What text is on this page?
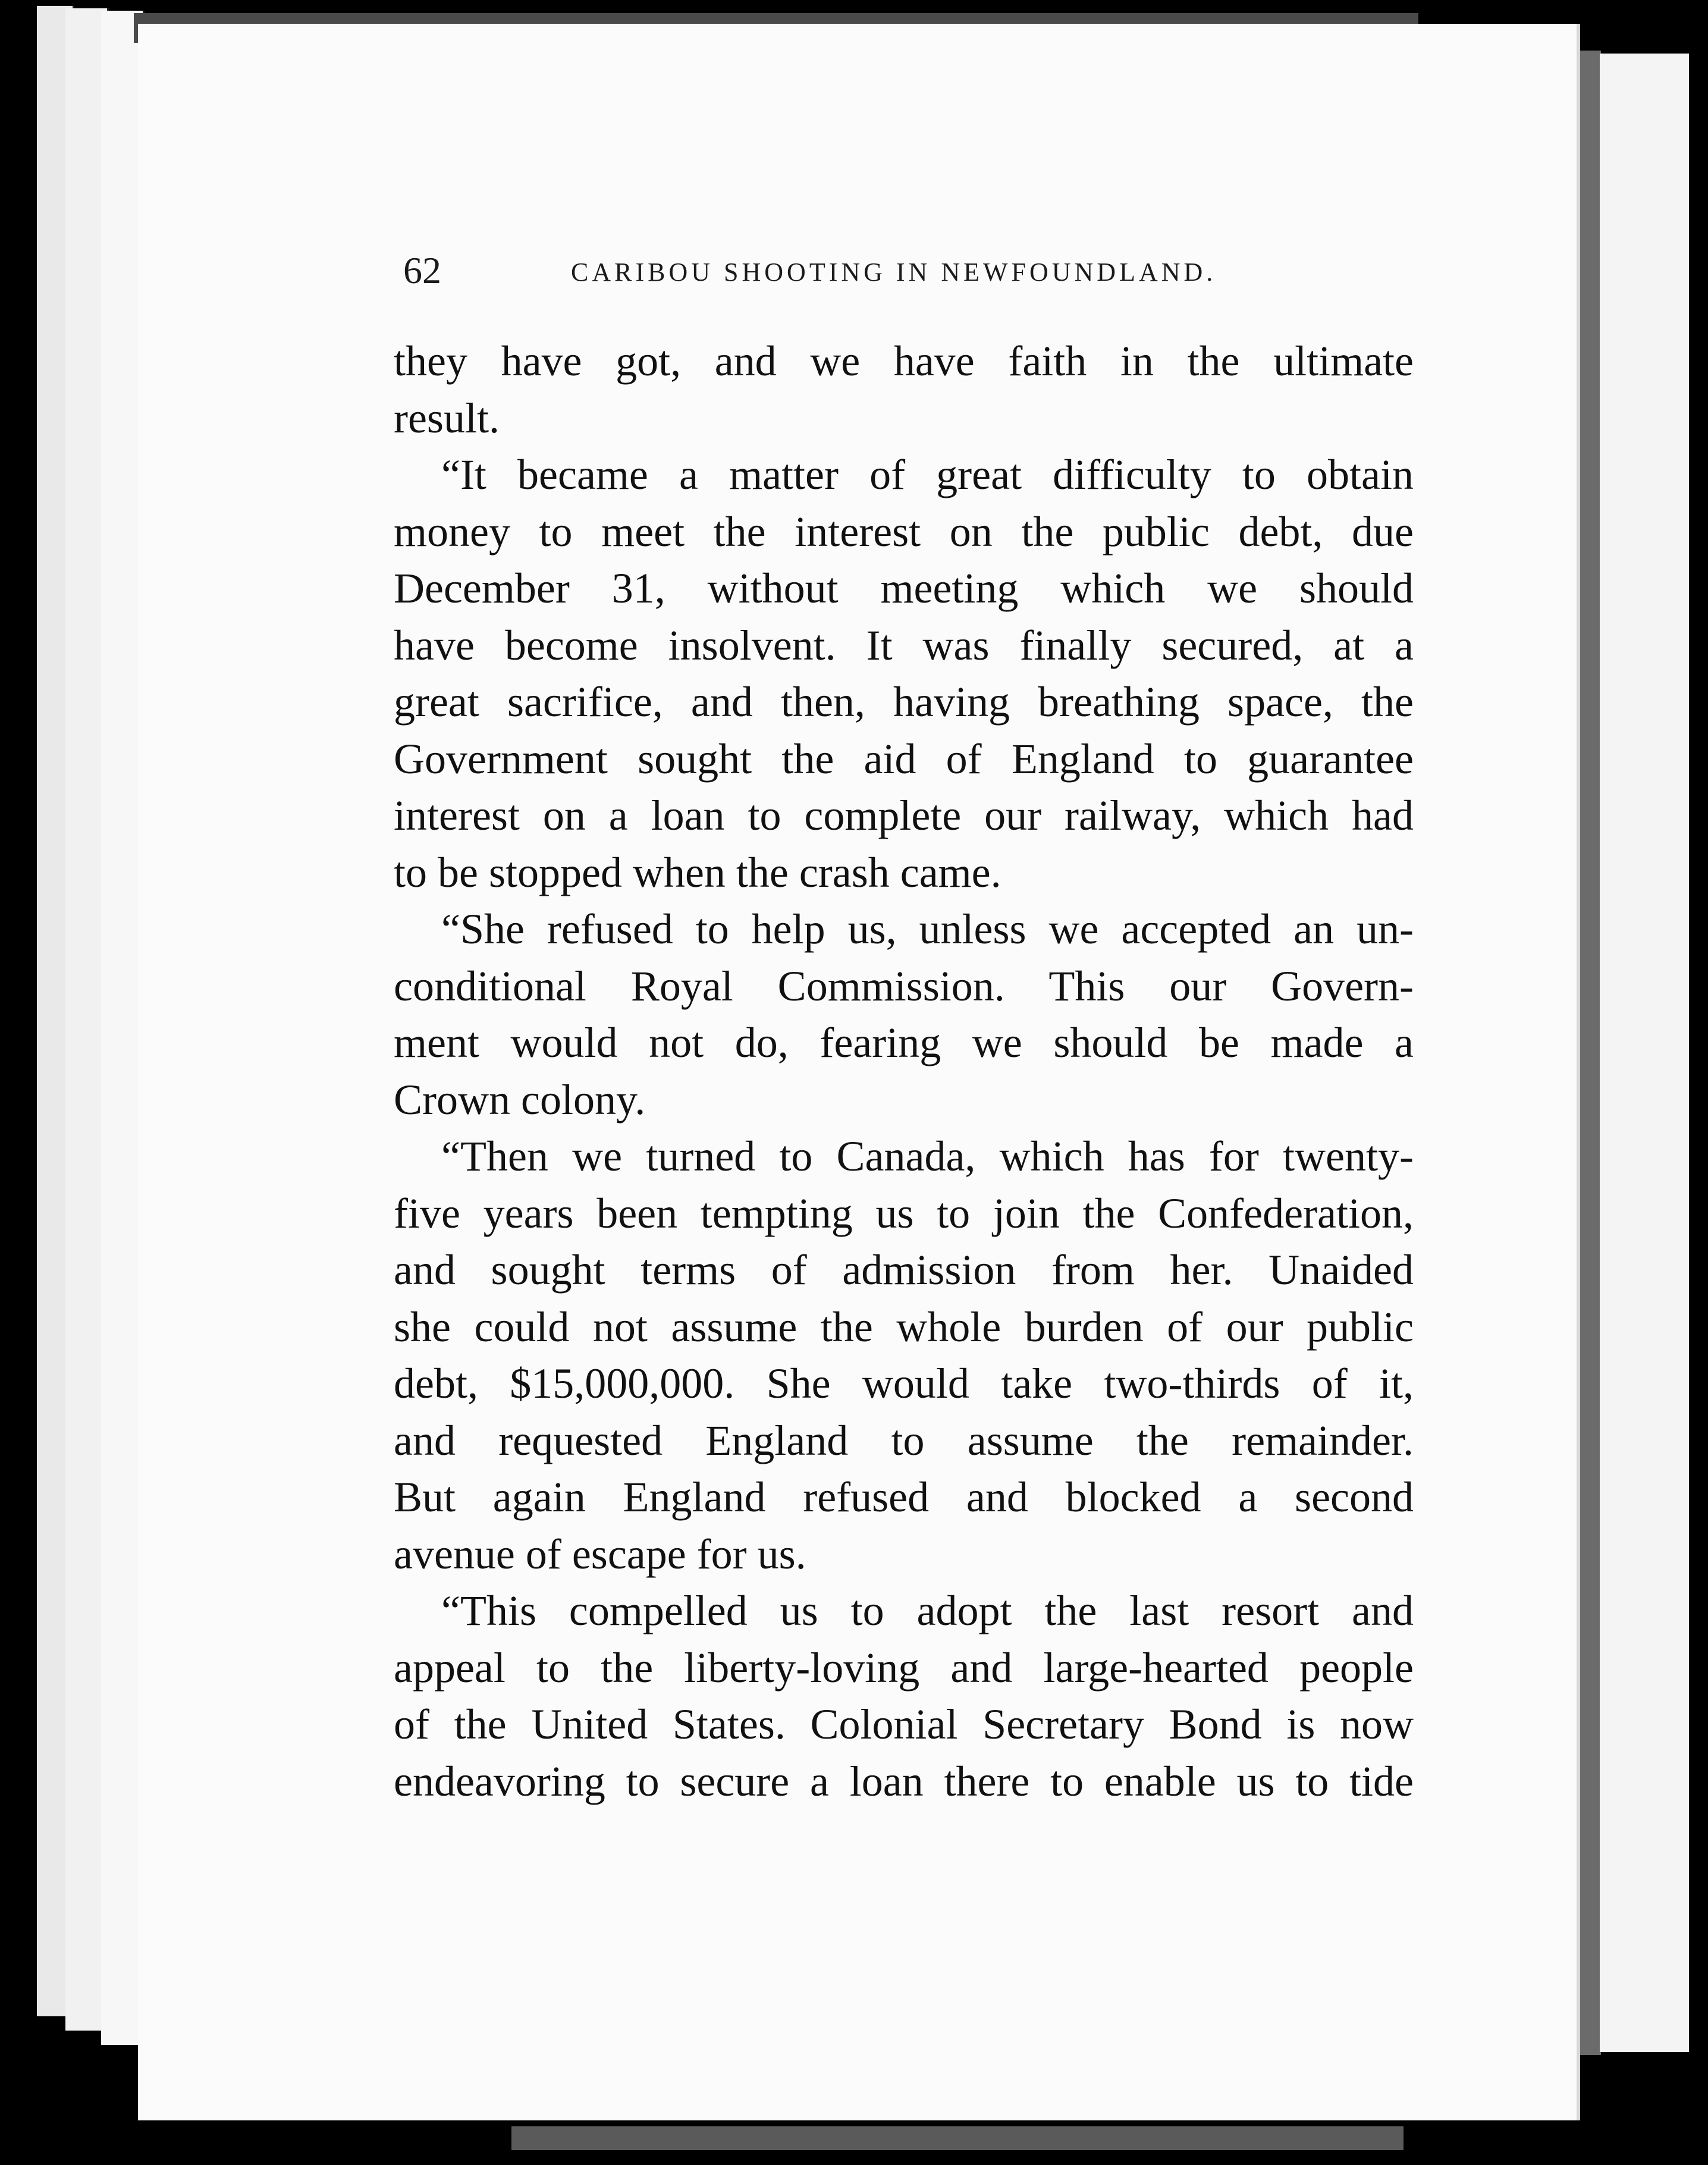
62	CARIBOU SHOOTING IN NEWFOUNDLAND.

they have got, and we have faith in the ultimate

result.

“It became a matter of great difficulty to obtain

money to meet the interest on the public debt, due

December 31, without meeting which we should

have become insolvent. It was finally secured, at a

great sacrifice, and then, having breathing space, the

Government sought the aid of England to guarantee

interest on a loan to complete our railway, which had

to be stopped when the crash came.

“She refused to help us, unless we accepted an un-

conditional Royal Commission. This our Govern-

ment would not do, fearing we should be made a

Crown colony.

“Then we turned to Canada, which has for twenty-

five years been tempting us to join the Confederation,

and sought terms of admission from her. Unaided

she could not assume the whole burden of our public

debt, $15,000,000. She would take two-thirds of it,

and requested England to assume the remainder.

But again England refused and blocked a second

avenue of escape for us.

“This compelled us to adopt the last resort and

appeal to the liberty-loving and large-hearted people

of the United States. Colonial Secretary Bond is now

endeavoring to secure a loan there to enable us to tide
